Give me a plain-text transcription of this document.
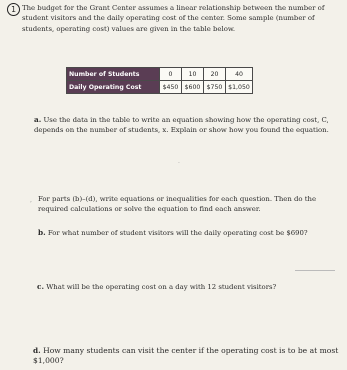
1 The budget for the Grant Center assumes a linear relationship between the number of student visitors and the daily operating cost of the center. Some sample (number of students, operating cost) values are given in the table below.

Number of Students	0	10	20	40
Daily Operating Cost	$450	$600	$750	$1,050

a. Use the data in the table to write an equation showing how the operating cost, C, depends on the number of students, x. Explain or show how you found the equation.

·
, For parts (b)–(d), write equations or inequalities for each question. Then do the required calculations or solve the equation to find each answer.

b. For what number of student visitors will the daily operating cost be $690?

c. What will be the operating cost on a day with 12 student visitors?

d. How many students can visit the center if the operating cost is to be at most $1,000?
